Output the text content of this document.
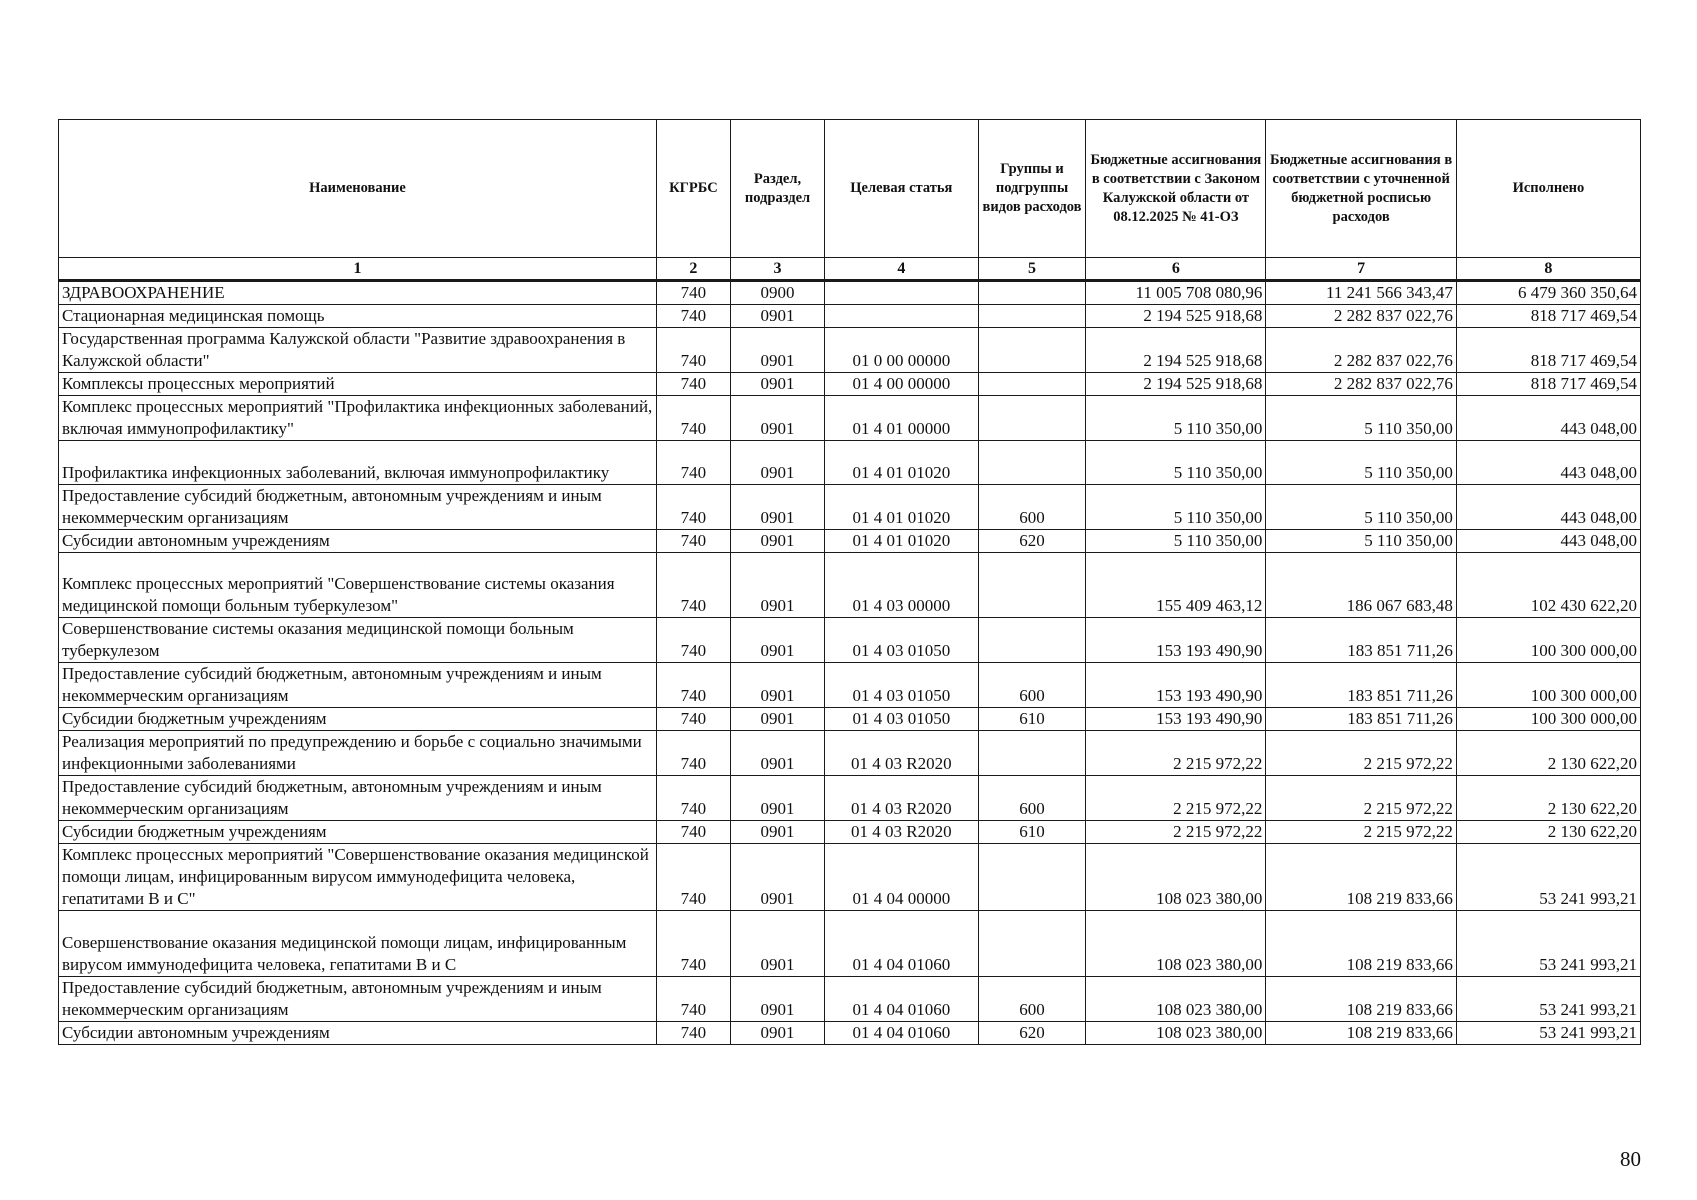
Наименование	КГРБС	Раздел, подраздел	Целевая статья	Группы и подгруппы видов расходов	Бюджетные ассигнования в соответствии с Законом Калужской области от 08.12.2025 № 41-ОЗ	Бюджетные ассигнования в соответствии с уточненной бюджетной росписью расходов	Исполнено
1	2	3	4	5	6	7	8
ЗДРАВООХРАНЕНИЕ	740	0900			11 005 708 080,96	11 241 566 343,47	6 479 360 350,64
Стационарная медицинская помощь	740	0901			2 194 525 918,68	2 282 837 022,76	818 717 469,54
Государственная программа Калужской области "Развитие здравоохранения в Калужской области"	740	0901	01 0 00 00000		2 194 525 918,68	2 282 837 022,76	818 717 469,54
Комплексы процессных мероприятий	740	0901	01 4 00 00000		2 194 525 918,68	2 282 837 022,76	818 717 469,54
Комплекс процессных мероприятий "Профилактика инфекционных заболеваний, включая иммунопрофилактику"	740	0901	01 4 01 00000		5 110 350,00	5 110 350,00	443 048,00
Профилактика инфекционных заболеваний, включая иммунопрофилактику	740	0901	01 4 01 01020		5 110 350,00	5 110 350,00	443 048,00
Предоставление субсидий бюджетным, автономным учреждениям и иным некоммерческим организациям	740	0901	01 4 01 01020	600	5 110 350,00	5 110 350,00	443 048,00
Субсидии автономным учреждениям	740	0901	01 4 01 01020	620	5 110 350,00	5 110 350,00	443 048,00
Комплекс процессных мероприятий "Совершенствование системы оказания медицинской помощи больным туберкулезом"	740	0901	01 4 03 00000		155 409 463,12	186 067 683,48	102 430 622,20
Совершенствование системы оказания медицинской помощи больным туберкулезом	740	0901	01 4 03 01050		153 193 490,90	183 851 711,26	100 300 000,00
Предоставление субсидий бюджетным, автономным учреждениям и иным некоммерческим организациям	740	0901	01 4 03 01050	600	153 193 490,90	183 851 711,26	100 300 000,00
Субсидии бюджетным учреждениям	740	0901	01 4 03 01050	610	153 193 490,90	183 851 711,26	100 300 000,00
Реализация мероприятий по предупреждению и борьбе с социально значимыми инфекционными заболеваниями	740	0901	01 4 03 R2020		2 215 972,22	2 215 972,22	2 130 622,20
Предоставление субсидий бюджетным, автономным учреждениям и иным некоммерческим организациям	740	0901	01 4 03 R2020	600	2 215 972,22	2 215 972,22	2 130 622,20
Субсидии бюджетным учреждениям	740	0901	01 4 03 R2020	610	2 215 972,22	2 215 972,22	2 130 622,20
Комплекс процессных мероприятий "Совершенствование оказания медицинской помощи лицам, инфицированным вирусом иммунодефицита человека, гепатитами B и C"	740	0901	01 4 04 00000		108 023 380,00	108 219 833,66	53 241 993,21
Совершенствование оказания медицинской помощи лицам, инфицированным вирусом иммунодефицита человека, гепатитами B и C	740	0901	01 4 04 01060		108 023 380,00	108 219 833,66	53 241 993,21
Предоставление субсидий бюджетным, автономным учреждениям и иным некоммерческим организациям	740	0901	01 4 04 01060	600	108 023 380,00	108 219 833,66	53 241 993,21
Субсидии автономным учреждениям	740	0901	01 4 04 01060	620	108 023 380,00	108 219 833,66	53 241 993,21
80
